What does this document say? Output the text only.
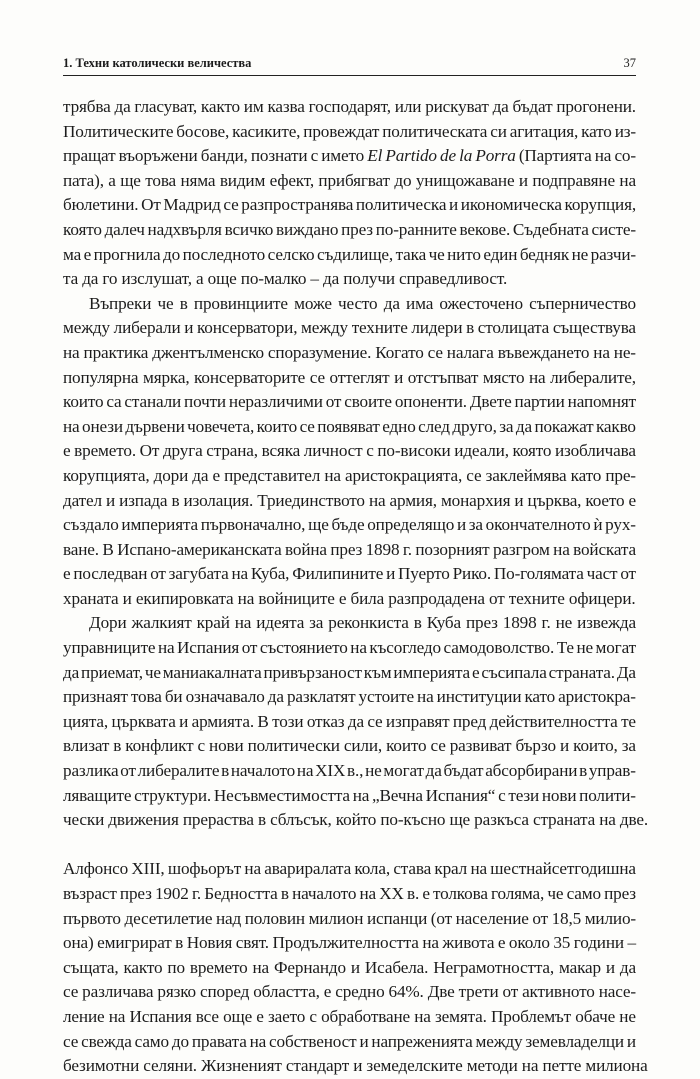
1. Техни католически величества	37
трябва да гласуват, както им казва господарят, или рискуват да бъдат прогонени.
Политическите босове, касиките, провеждат политическата си агитация, като из-
пращат въоръжени банди, познати с името El Partido de la Porra (Партията на со-
пата), а ще това няма видим ефект, прибягват до унищожаване и подправяне на
бюлетини. От Мадрид се разпространява политическа и икономическа корупция,
която далеч надхвърля всичко виждано през по-ранните векове. Съдебната систе-
ма е прогнила до последното селско съдилище, така че нито един бедняк не разчи-
та да го изслушат, а още по-малко – да получи справедливост.
Въпреки че в провинциите може често да има ожесточено съперничество
между либерали и консерватори, между техните лидери в столицата съществува
на практика джентълменско споразумение. Когато се налага въвеждането на не-
популярна мярка, консерваторите се оттеглят и отстъпват място на либералите,
които са станали почти неразличими от своите опоненти. Двете партии напомнят
на онези дървени човечета, които се появяват едно след друго, за да покажат какво
е времето. От друга страна, всяка личност с по-високи идеали, която изобличава
корупцията, дори да е представител на аристокрацията, се заклеймява като пре-
дател и изпада в изолация. Триединството на армия, монархия и църква, което е
създало империята първоначално, ще бъде определящо и за окончателното ѝ рух-
ване. В Испано-американската война през 1898 г. позорният разгром на войската
е последван от загубата на Куба, Филипините и Пуерто Рико. По-голямата част от
храната и екипировката на войниците е била разпродадена от техните офицери.
Дори жалкият край на идеята за реконкиста в Куба през 1898 г. не извежда
управниците на Испания от състоянието на късогледо самодоволство. Те не могат
да приемат, че маниакалната привързаност към империята е съсипала страната. Да
признаят това би означавало да разклатят устоите на институции като аристокра-
цията, църквата и армията. В този отказ да се изправят пред действителността те
влизат в конфликт с нови политически сили, които се развиват бързо и които, за
разлика от либералите в началото на XIX в., не могат да бъдат абсорбирани в управ-
ляващите структури. Несъвместимостта на „Вечна Испания“ с тези нови полити-
чески движения прераства в сблъсък, който по-късно ще разкъса страната на две.
Алфонсо XIII, шофьорът на авариралата кола, става крал на шестнайсетгодишна
възраст през 1902 г. Бедността в началото на XX в. е толкова голяма, че само през
първото десетилетие над половин милион испанци (от население от 18,5 милио-
она) емигрират в Новия свят. Продължителността на живота е около 35 години –
същата, както по времето на Фернандо и Исабела. Неграмотността, макар и да
се различава рязко според областта, е средно 64%. Две трети от активното насе-
ление на Испания все още е заето с обработване на земята. Проблемът обаче не
се свежда само до правата на собственост и напреженията между земевладелци и
безимотни селяни. Жизненият стандарт и земеделските методи на петте милиона
